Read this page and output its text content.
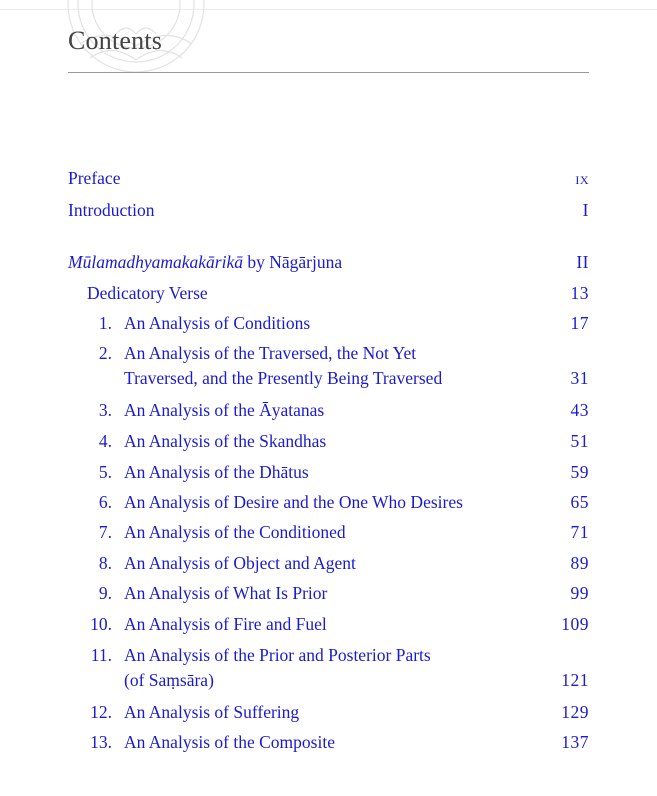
Contents
Preface	ix
Introduction	I
Mūlamadhyamakakārikā by Nāgārjuna	II
Dedicatory Verse	13
1. An Analysis of Conditions	17
2. An Analysis of the Traversed, the Not Yet
Traversed, and the Presently Being Traversed	31
3. An Analysis of the Āyatanas	43
4. An Analysis of the Skandhas	51
5. An Analysis of the Dhātus	59
6. An Analysis of Desire and the One Who Desires	65
7. An Analysis of the Conditioned	71
8. An Analysis of Object and Agent	89
9. An Analysis of What Is Prior	99
10. An Analysis of Fire and Fuel	109
11. An Analysis of the Prior and Posterior Parts
(of Saṃsāra)	121
12. An Analysis of Suffering	129
13. An Analysis of the Composite	137
